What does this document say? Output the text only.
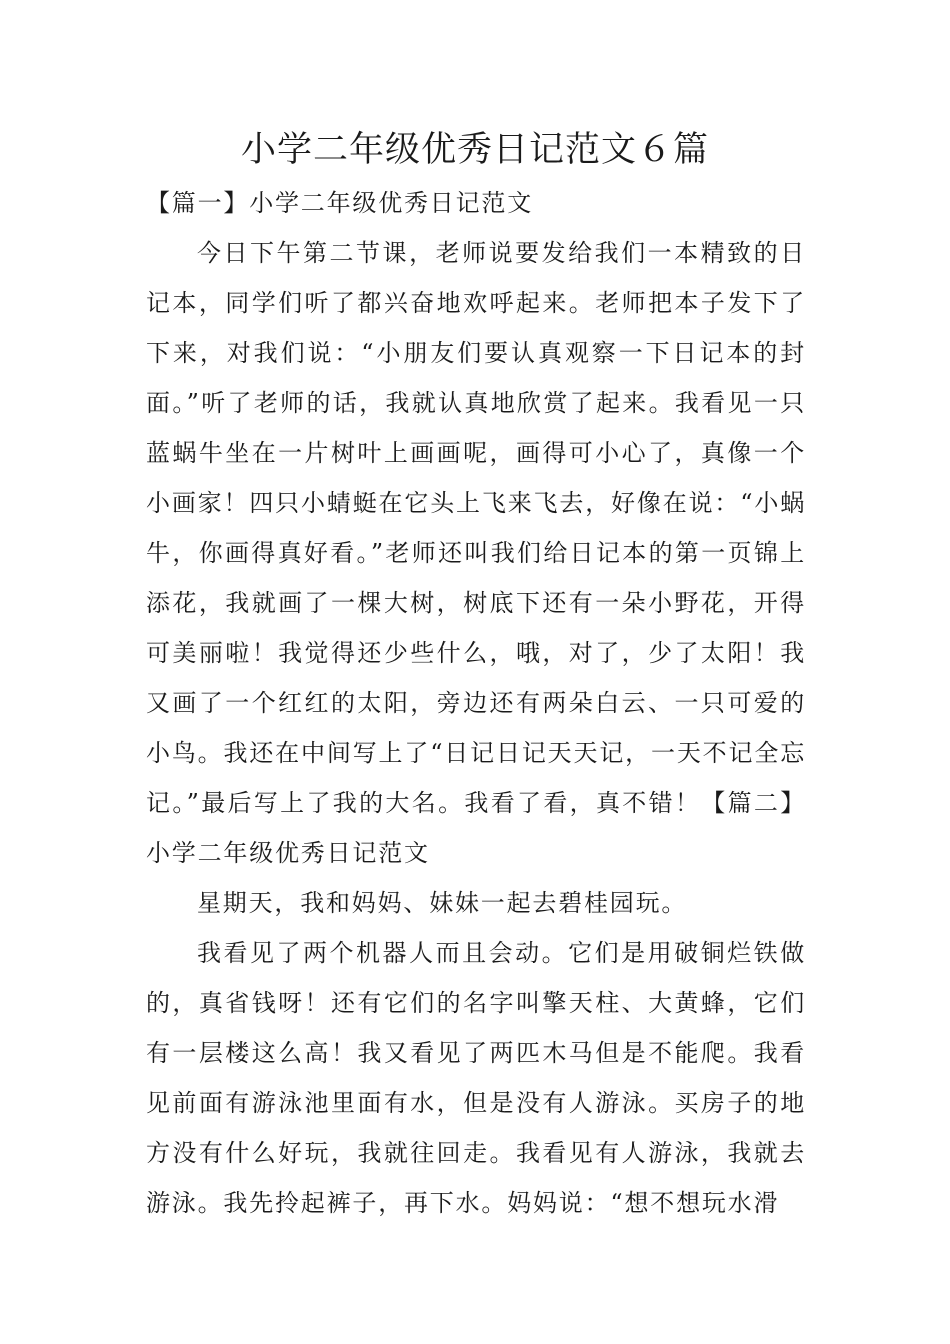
小学二年级优秀日记范文６篇

【篇一】小学二年级优秀日记范文

今日下午第二节课，老师说要发给我们一本精致的日记本，同学们听了都兴奋地欢呼起来。老师把本子发下了下来，对我们说：“小朋友们要认真观察一下日记本的封面。”听了老师的话，我就认真地欣赏了起来。我看见一只蓝蜗牛坐在一片树叶上画画呢，画得可小心了，真像一个小画家！四只小蜻蜓在它头上飞来飞去，好像在说：“小蜗牛，你画得真好看。”老师还叫我们给日记本的第一页锦上添花，我就画了一棵大树，树底下还有一朵小野花，开得可美丽啦！我觉得还少些什么，哦，对了，少了太阳！我又画了一个红红的太阳，旁边还有两朵白云、一只可爱的小鸟。我还在中间写上了“日记日记天天记，一天不记全忘记。”最后写上了我的大名。我看了看，真不错！【篇二】小学二年级优秀日记范文

星期天，我和妈妈、妹妹一起去碧桂园玩。

我看见了两个机器人而且会动。它们是用破铜烂铁做的，真省钱呀！还有它们的名字叫擎天柱、大黄蜂，它们有一层楼这么高！我又看见了两匹木马但是不能爬。我看见前面有游泳池里面有水，但是没有人游泳。买房子的地方没有什么好玩，我就往回走。我看见有人游泳，我就去游泳。我先拎起裤子，再下水。妈妈说：“想不想玩水滑
